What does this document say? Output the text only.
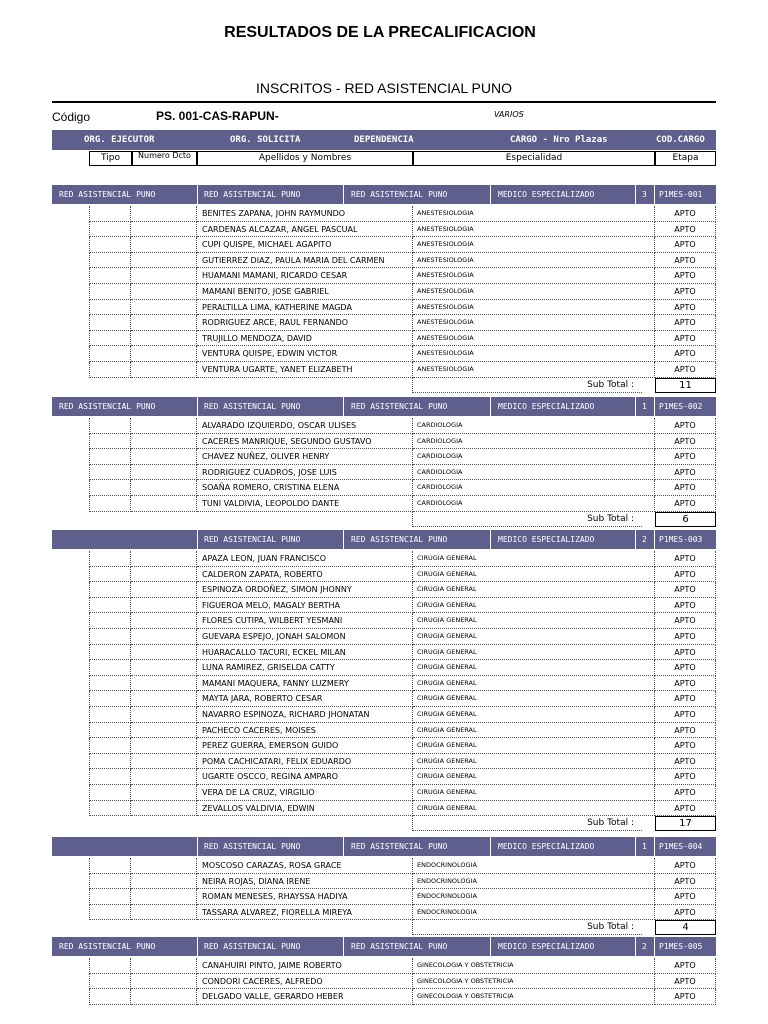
RESULTADOS DE LA PRECALIFICACION
INSCRITOS - RED ASISTENCIAL PUNO
Código	PS. 001-CAS-RAPUN-	VARIOS
ORG. EJECUTOR	ORG. SOLICITA	DEPENDENCIA	CARGO - Nro Plazas	COD.CARGO
Tipo	Numero Dcto	Apellidos y Nombres	Especialidad	Etapa
RED ASISTENCIAL PUNO	RED ASISTENCIAL PUNO	RED ASISTENCIAL PUNO	MEDICO ESPECIALIZADO	3 P1MES-001
BENITES ZAPANA, JOHN RAYMUNDO	ANESTESIOLOGIA	APTO
CARDENAS ALCAZAR, ANGEL PASCUAL	ANESTESIOLOGIA	APTO
CUPI QUISPE, MICHAEL AGAPITO	ANESTESIOLOGIA	APTO
GUTIERREZ DIAZ, PAULA MARIA DEL CARMEN	ANESTESIOLOGIA	APTO
HUAMANI MAMANI, RICARDO CESAR	ANESTESIOLOGIA	APTO
MAMANI BENITO, JOSE GABRIEL	ANESTESIOLOGIA	APTO
PERALTILLA LIMA, KATHERINE MAGDA	ANESTESIOLOGIA	APTO
RODRIGUEZ ARCE, RAUL FERNANDO	ANESTESIOLOGIA	APTO
TRUJILLO MENDOZA, DAVID	ANESTESIOLOGIA	APTO
VENTURA QUISPE, EDWIN VICTOR	ANESTESIOLOGIA	APTO
VENTURA UGARTE, YANET ELIZABETH	ANESTESIOLOGIA	APTO
Sub Total :	11
RED ASISTENCIAL PUNO	RED ASISTENCIAL PUNO	RED ASISTENCIAL PUNO	MEDICO ESPECIALIZADO	1 P1MES-002
ALVARADO IZQUIERDO, OSCAR ULISES	CARDIOLOGIA	APTO
CACERES MANRIQUE, SEGUNDO GUSTAVO	CARDIOLOGIA	APTO
CHAVEZ NUÑEZ, OLIVER HENRY	CARDIOLOGIA	APTO
RODRIGUEZ CUADROS, JOSE LUIS	CARDIOLOGIA	APTO
SOAÑA ROMERO, CRISTINA ELENA	CARDIOLOGIA	APTO
TUNI VALDIVIA, LEOPOLDO DANTE	CARDIOLOGIA	APTO
Sub Total :	6
RED ASISTENCIAL PUNO	RED ASISTENCIAL PUNO	MEDICO ESPECIALIZADO	2 P1MES-003
APAZA LEON, JUAN FRANCISCO	CIRUGIA GENERAL	APTO
CALDERON ZAPATA, ROBERTO	CIRUGIA GENERAL	APTO
ESPINOZA ORDOÑEZ, SIMON JHONNY	CIRUGIA GENERAL	APTO
FIGUEROA MELO, MAGALY BERTHA	CIRUGIA GENERAL	APTO
FLORES CUTIPA, WILBERT YESMANI	CIRUGIA GENERAL	APTO
GUEVARA ESPEJO, JONAH SALOMON	CIRUGIA GENERAL	APTO
HUARACALLO TACURI, ECKEL MILAN	CIRUGIA GENERAL	APTO
LUNA RAMIREZ, GRISELDA CATTY	CIRUGIA GENERAL	APTO
MAMANI MAQUERA, FANNY LUZMERY	CIRUGIA GENERAL	APTO
MAYTA JARA, ROBERTO CESAR	CIRUGIA GENERAL	APTO
NAVARRO ESPINOZA, RICHARD JHONATAN	CIRUGIA GENERAL	APTO
PACHECO CACERES, MOISES	CIRUGIA GENERAL	APTO
PEREZ GUERRA, EMERSON GUIDO	CIRUGIA GENERAL	APTO
POMA CACHICATARI, FELIX EDUARDO	CIRUGIA GENERAL	APTO
UGARTE OSCCO, REGINA AMPARO	CIRUGIA GENERAL	APTO
VERA DE LA CRUZ, VIRGILIO	CIRUGIA GENERAL	APTO
ZEVALLOS VALDIVIA, EDWIN	CIRUGIA GENERAL	APTO
Sub Total :	17
RED ASISTENCIAL PUNO	RED ASISTENCIAL PUNO	MEDICO ESPECIALIZADO	1 P1MES-004
MOSCOSO CARAZAS, ROSA GRACE	ENDOCRINOLOGIA	APTO
NEIRA ROJAS, DIANA IRENE	ENDOCRINOLOGIA	APTO
ROMAN MENESES, RHAYSSA HADIYA	ENDOCRINOLOGIA	APTO
TASSARA ALVAREZ, FIORELLA MIREYA	ENDOCRINOLOGIA	APTO
Sub Total :	4
RED ASISTENCIAL PUNO	RED ASISTENCIAL PUNO	RED ASISTENCIAL PUNO	MEDICO ESPECIALIZADO	2 P1MES-005
CANAHUIRI PINTO, JAIME ROBERTO	GINECOLOGIA Y OBSTETRICIA	APTO
CONDORI CACERES, ALFREDO	GINECOLOGIA Y OBSTETRICIA	APTO
DELGADO VALLE, GERARDO HEBER	GINECOLOGIA Y OBSTETRICIA	APTO
